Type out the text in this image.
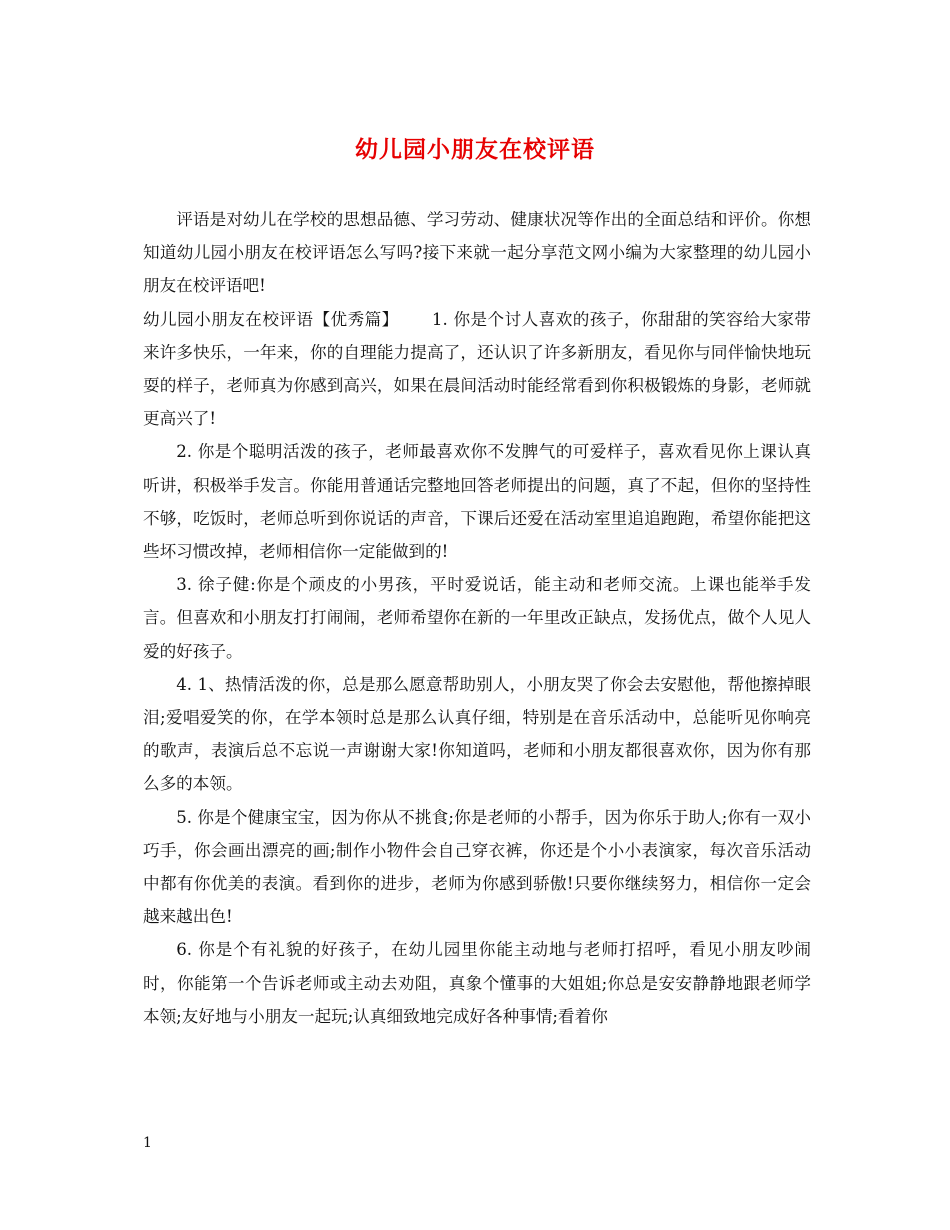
幼儿园小朋友在校评语

评语是对幼儿在学校的思想品德、学习劳动、健康状况等作出的全面总结和评价。你想知道幼儿园小朋友在校评语怎么写吗?接下来就一起分享范文网小编为大家整理的幼儿园小朋友在校评语吧!

幼儿园小朋友在校评语【优秀篇】   1. 你是个讨人喜欢的孩子，你甜甜的笑容给大家带来许多快乐，一年来，你的自理能力提高了，还认识了许多新朋友，看见你与同伴愉快地玩耍的样子，老师真为你感到高兴，如果在晨间活动时能经常看到你积极锻炼的身影，老师就更高兴了!

2. 你是个聪明活泼的孩子，老师最喜欢你不发脾气的可爱样子，喜欢看见你上课认真听讲，积极举手发言。你能用普通话完整地回答老师提出的问题，真了不起，但你的坚持性不够，吃饭时，老师总听到你说话的声音，下课后还爱在活动室里追追跑跑，希望你能把这些坏习惯改掉，老师相信你一定能做到的!

3. 徐子健:你是个顽皮的小男孩，平时爱说话，能主动和老师交流。上课也能举手发言。但喜欢和小朋友打打闹闹，老师希望你在新的一年里改正缺点，发扬优点，做个人见人爱的好孩子。

4. 1、热情活泼的你，总是那么愿意帮助别人，小朋友哭了你会去安慰他，帮他擦掉眼泪;爱唱爱笑的你，在学本领时总是那么认真仔细，特别是在音乐活动中，总能听见你响亮的歌声，表演后总不忘说一声谢谢大家!你知道吗，老师和小朋友都很喜欢你，因为你有那么多的本领。

5. 你是个健康宝宝，因为你从不挑食;你是老师的小帮手，因为你乐于助人;你有一双小巧手，你会画出漂亮的画;制作小物件会自己穿衣裤，你还是个小小表演家，每次音乐活动中都有你优美的表演。看到你的进步，老师为你感到骄傲!只要你继续努力，相信你一定会越来越出色!

6. 你是个有礼貌的好孩子，在幼儿园里你能主动地与老师打招呼，看见小朋友吵闹时，你能第一个告诉老师或主动去劝阻，真象个懂事的大姐姐;你总是安安静静地跟老师学本领;友好地与小朋友一起玩;认真细致地完成好各种事情;看着你

1
